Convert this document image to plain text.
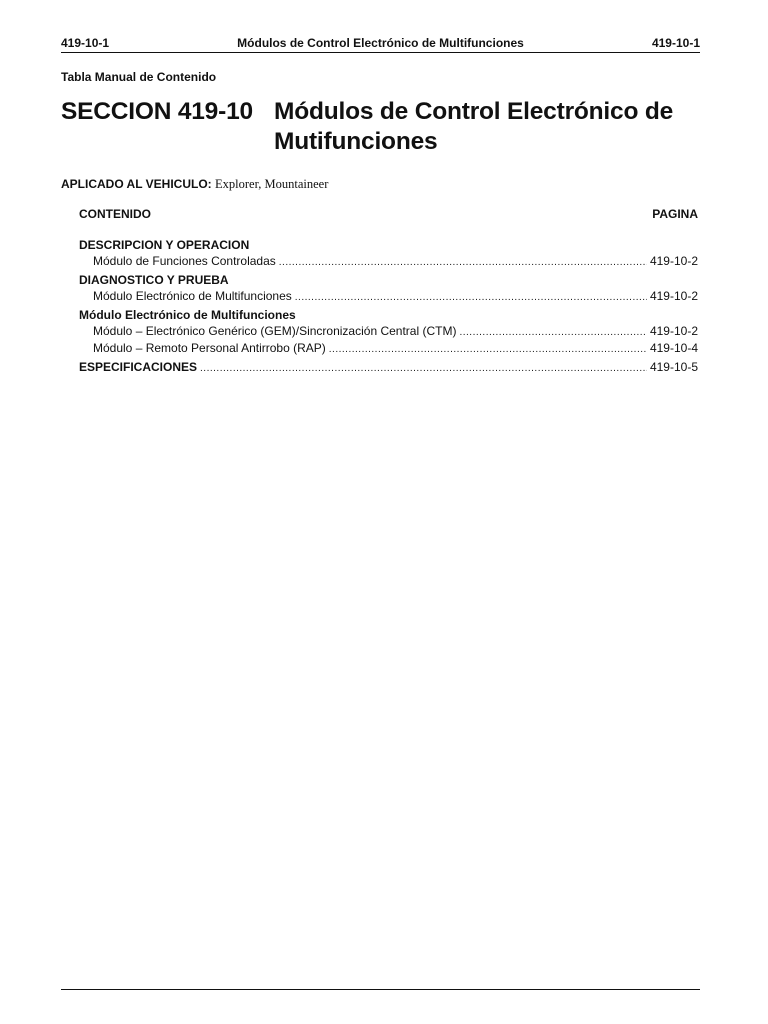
419-10-1	Módulos de Control Electrónico de Multifunciones	419-10-1
Tabla Manual de Contenido
SECCION 419-10 Módulos de Control Electrónico de Mutifunciones
APLICADO AL VEHICULO: Explorer, Mountaineer
CONTENIDO	PAGINA
DESCRIPCION Y OPERACION
Módulo de Funciones Controladas .....	419-10-2
DIAGNOSTICO Y PRUEBA
Módulo Electrónico de Multifunciones .....	419-10-2
Módulo Electrónico de Multifunciones
Módulo – Electrónico Genérico (GEM)/Sincronización Central (CTM) .....	419-10-2
Módulo – Remoto Personal Antirrobo (RAP) .....	419-10-4
ESPECIFICACIONES .....	419-10-5
